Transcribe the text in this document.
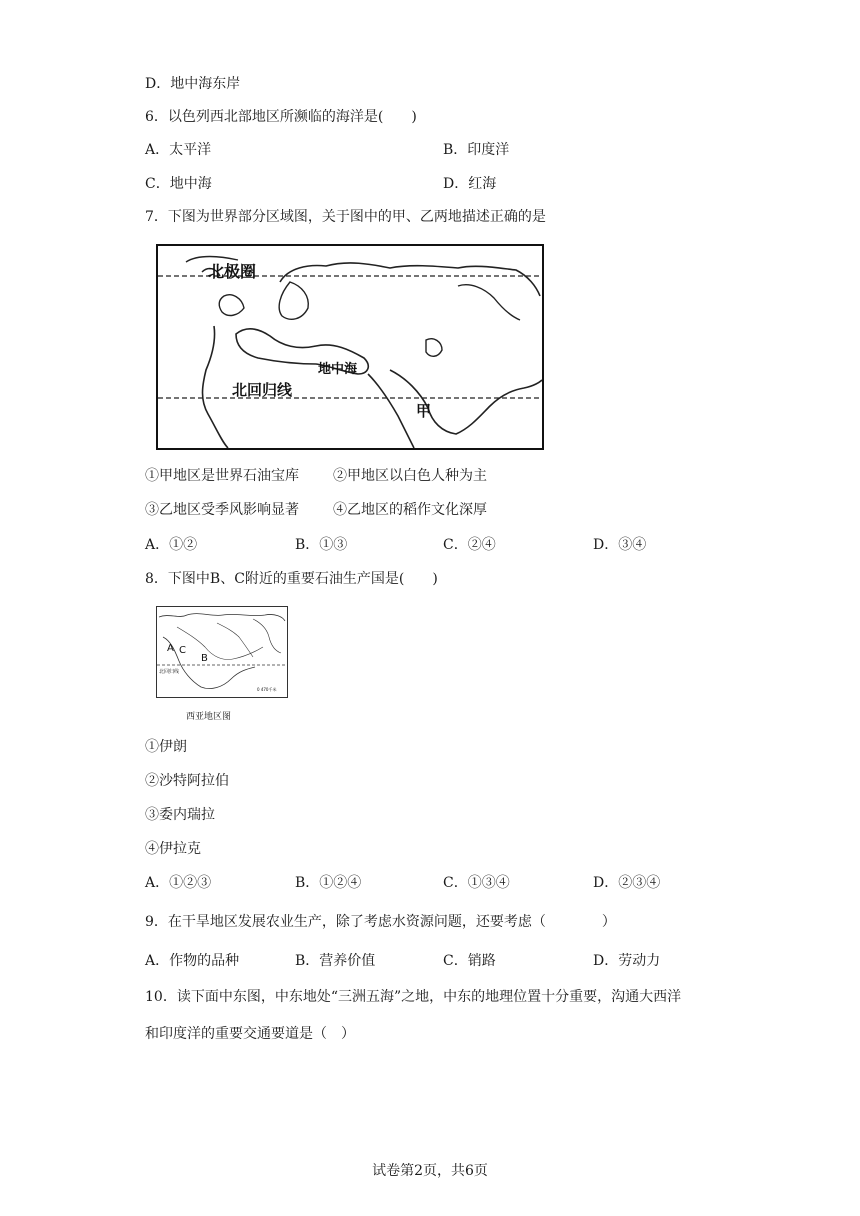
D．地中海东岸
6．以色列西北部地区所濒临的海洋是(　　)
A．太平洋	B．印度洋
C．地中海	D．红海
7．下图为世界部分区域图，关于图中的甲、乙两地描述正确的是
北极圈
地中海
北回归线
甲
①甲地区是世界石油宝库 ②甲地区以白色人种为主
③乙地区受季风影响显著 ④乙地区的稻作文化深厚
A．①②	B．①③	C．②④	D．③④
8．下图中B、C附近的重要石油生产国是(　　)
A
B
C
北回归线
0 470千米
西亚地区图
①伊朗
②沙特阿拉伯
③委内瑞拉
④伊拉克
A．①②③	B．①②④	C．①③④	D．②③④
9．在干旱地区发展农业生产，除了考虑水资源问题，还要考虑（　　　　）
A．作物的品种	B．营养价值	C．销路	D．劳动力
10．读下面中东图，中东地处“三洲五海”之地，中东的地理位置十分重要，沟通大西洋
和印度洋的重要交通要道是（　）
试卷第2页，共6页
